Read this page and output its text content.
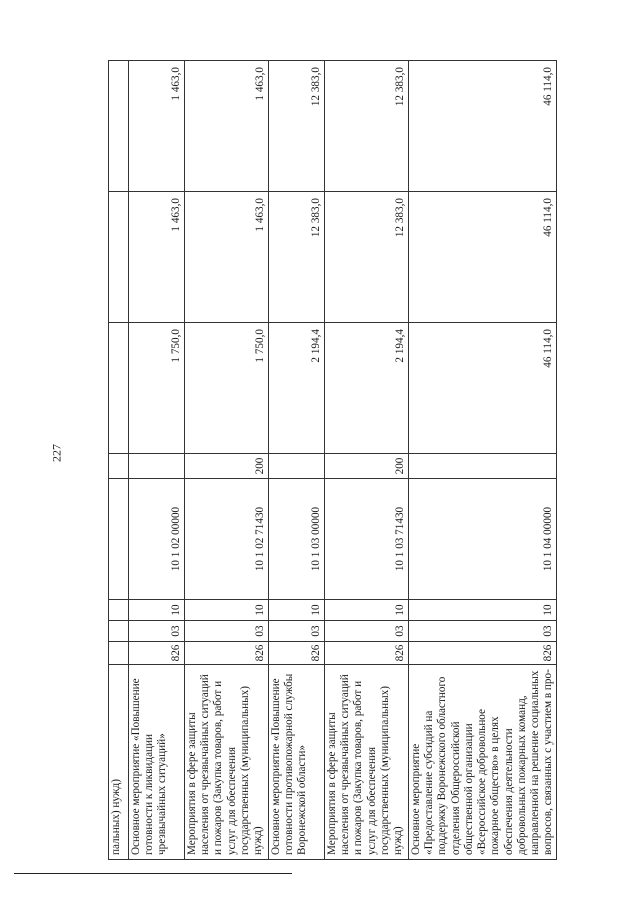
227
пальных) нужд)								
Основное мероприятие «Повышение готовности к ликвидации чрезвычайных ситуаций»	826	03	10	10 1 02 00000		1 750,0	1 463,0	1 463,0
Мероприятия в сфере защиты населения от чрезвычайных ситуаций и пожаров (Закупка товаров, работ и услуг для обеспечения государственных (муниципальных) нужд)	826	03	10	10 1 02 71430	200	1 750,0	1 463,0	1 463,0
Основное мероприятие «Повышение готовности противопожарной службы Воронежской области»	826	03	10	10 1 03 00000		2 194,4	12 383,0	12 383,0
Мероприятия в сфере защиты населения от чрезвычайных ситуаций и пожаров (Закупка товаров, работ и услуг для обеспечения государственных (муниципальных) нужд)	826	03	10	10 1 03 71430	200	2 194,4	12 383,0	12 383,0
Основное мероприятие «Предоставление субсидий на поддержку Воронежского областного отделения Общероссийской общественной организации «Всероссийское добровольное пожарное общество» в целях обеспечения деятельности добровольных пожарных команд, направленной на решение социальных вопросов, связанных с участием в про-	826	03	10	10 1 04 00000		46 114,0	46 114,0	46 114,0
